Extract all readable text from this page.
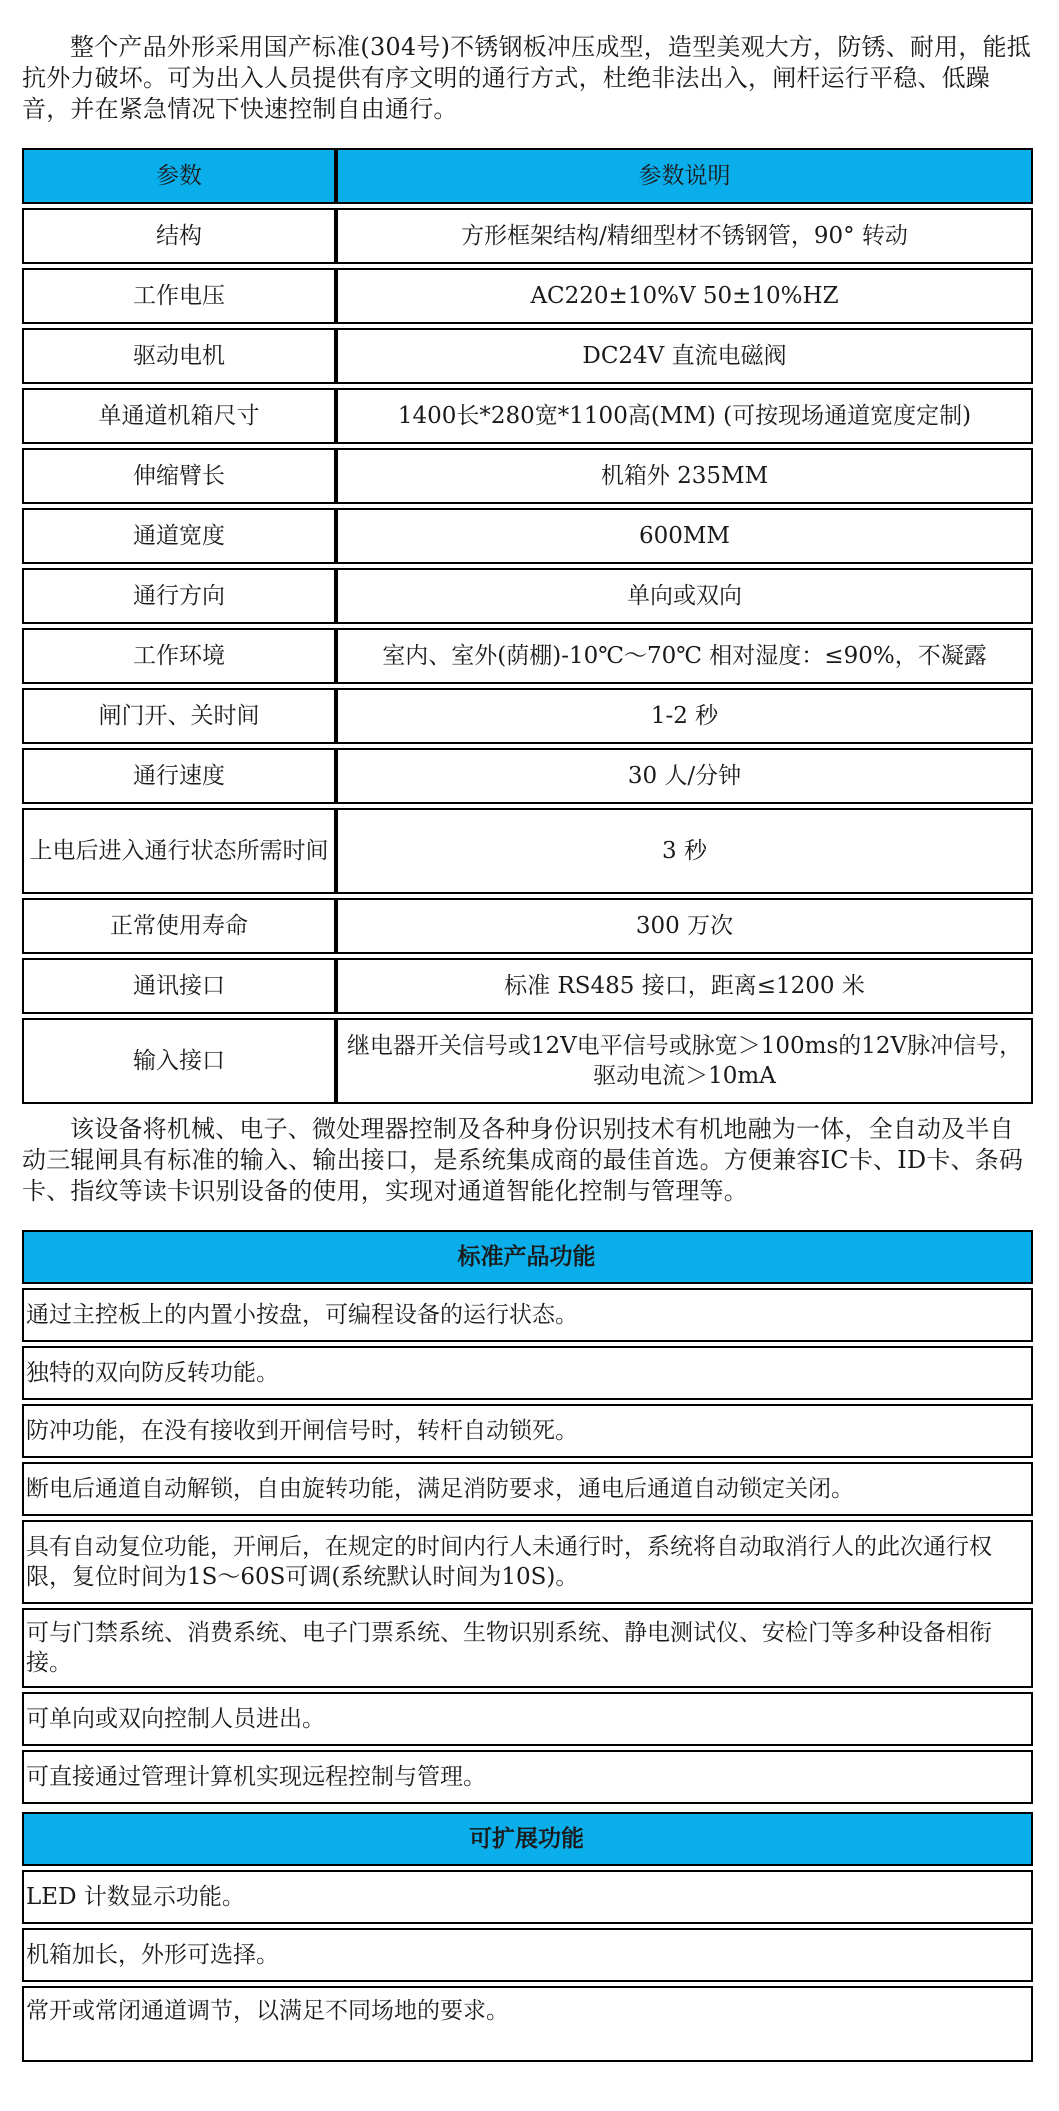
整个产品外形采用国产标准(304号)不锈钢板冲压成型，造型美观大方，防锈、耐用，能抵抗外力破坏。可为出入人员提供有序文明的通行方式，杜绝非法出入，闸杆运行平稳、低躁音，并在紧急情况下快速控制自由通行。

参数	参数说明
结构	方形框架结构/精细型材不锈钢管，90° 转动
工作电压	AC220±10%V 50±10%HZ
驱动电机	DC24V 直流电磁阀
单通道机箱尺寸	1400长*280宽*1100高(MM) (可按现场通道宽度定制)
伸缩臂长	机箱外 235MM
通道宽度	600MM
通行方向	单向或双向
工作环境	室内、室外(荫棚)-10℃～70℃ 相对湿度：≤90%，不凝露
闸门开、关时间	1-2 秒
通行速度	30 人/分钟
上电后进入通行状态所需时间	3 秒
正常使用寿命	300 万次
通讯接口	标准 RS485 接口，距离≤1200 米
输入接口	继电器开关信号或12V电平信号或脉宽＞100ms的12V脉冲信号，驱动电流＞10mA

该设备将机械、电子、微处理器控制及各种身份识别技术有机地融为一体，全自动及半自动三辊闸具有标准的输入、输出接口，是系统集成商的最佳首选。方便兼容IC卡、ID卡、条码卡、指纹等读卡识别设备的使用，实现对通道智能化控制与管理等。

标准产品功能
通过主控板上的内置小按盘，可编程设备的运行状态。
独特的双向防反转功能。
防冲功能，在没有接收到开闸信号时，转杆自动锁死。
断电后通道自动解锁，自由旋转功能，满足消防要求，通电后通道自动锁定关闭。
具有自动复位功能，开闸后，在规定的时间内行人未通行时，系统将自动取消行人的此次通行权限，复位时间为1S～60S可调(系统默认时间为10S)。
可与门禁系统、消费系统、电子门票系统、生物识别系统、静电测试仪、安检门等多种设备相衔接。
可单向或双向控制人员进出。
可直接通过管理计算机实现远程控制与管理。
可扩展功能
LED 计数显示功能。
机箱加长，外形可选择。
常开或常闭通道调节，以满足不同场地的要求。
